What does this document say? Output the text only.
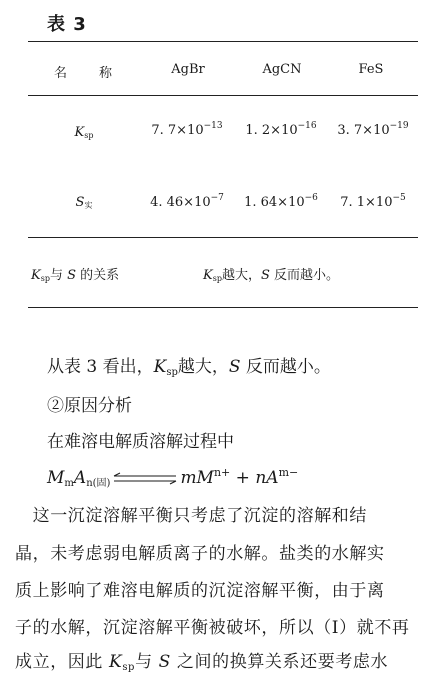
表 3
名　　称	AgBr	AgCN	FeS
$K_{sp}$	7. $7\times 10^{-13}$	1. $2\times 10^{-16}$	3. $7\times 10^{-19}$
$S_实$	4. $46\times 10^{-7}$	1. $64\times 10^{-6}$	7. $1\times 10^{-5}$
$K_{sp}$与 S 的关系	$K_{sp}$越大，S 反而越小。
从表 3 看出，$K_{sp}$越大，S 反而越小。
②原因分析
在难溶电解质溶解过程中
$M_mA_{n(固)}$ ⇌ $mM^{n+} + nA^{m-}$
　这一沉淀溶解平衡只考虑了沉淀的溶解和结
晶，未考虑弱电解质离子的水解。盐类的水解实
质上影响了难溶电解质的沉淀溶解平衡，由于离
子的水解，沉淀溶解平衡被破坏，所以（Ⅰ）就不再
成立，因此 $K_{sp}$与 S 之间的换算关系还要考虑水
